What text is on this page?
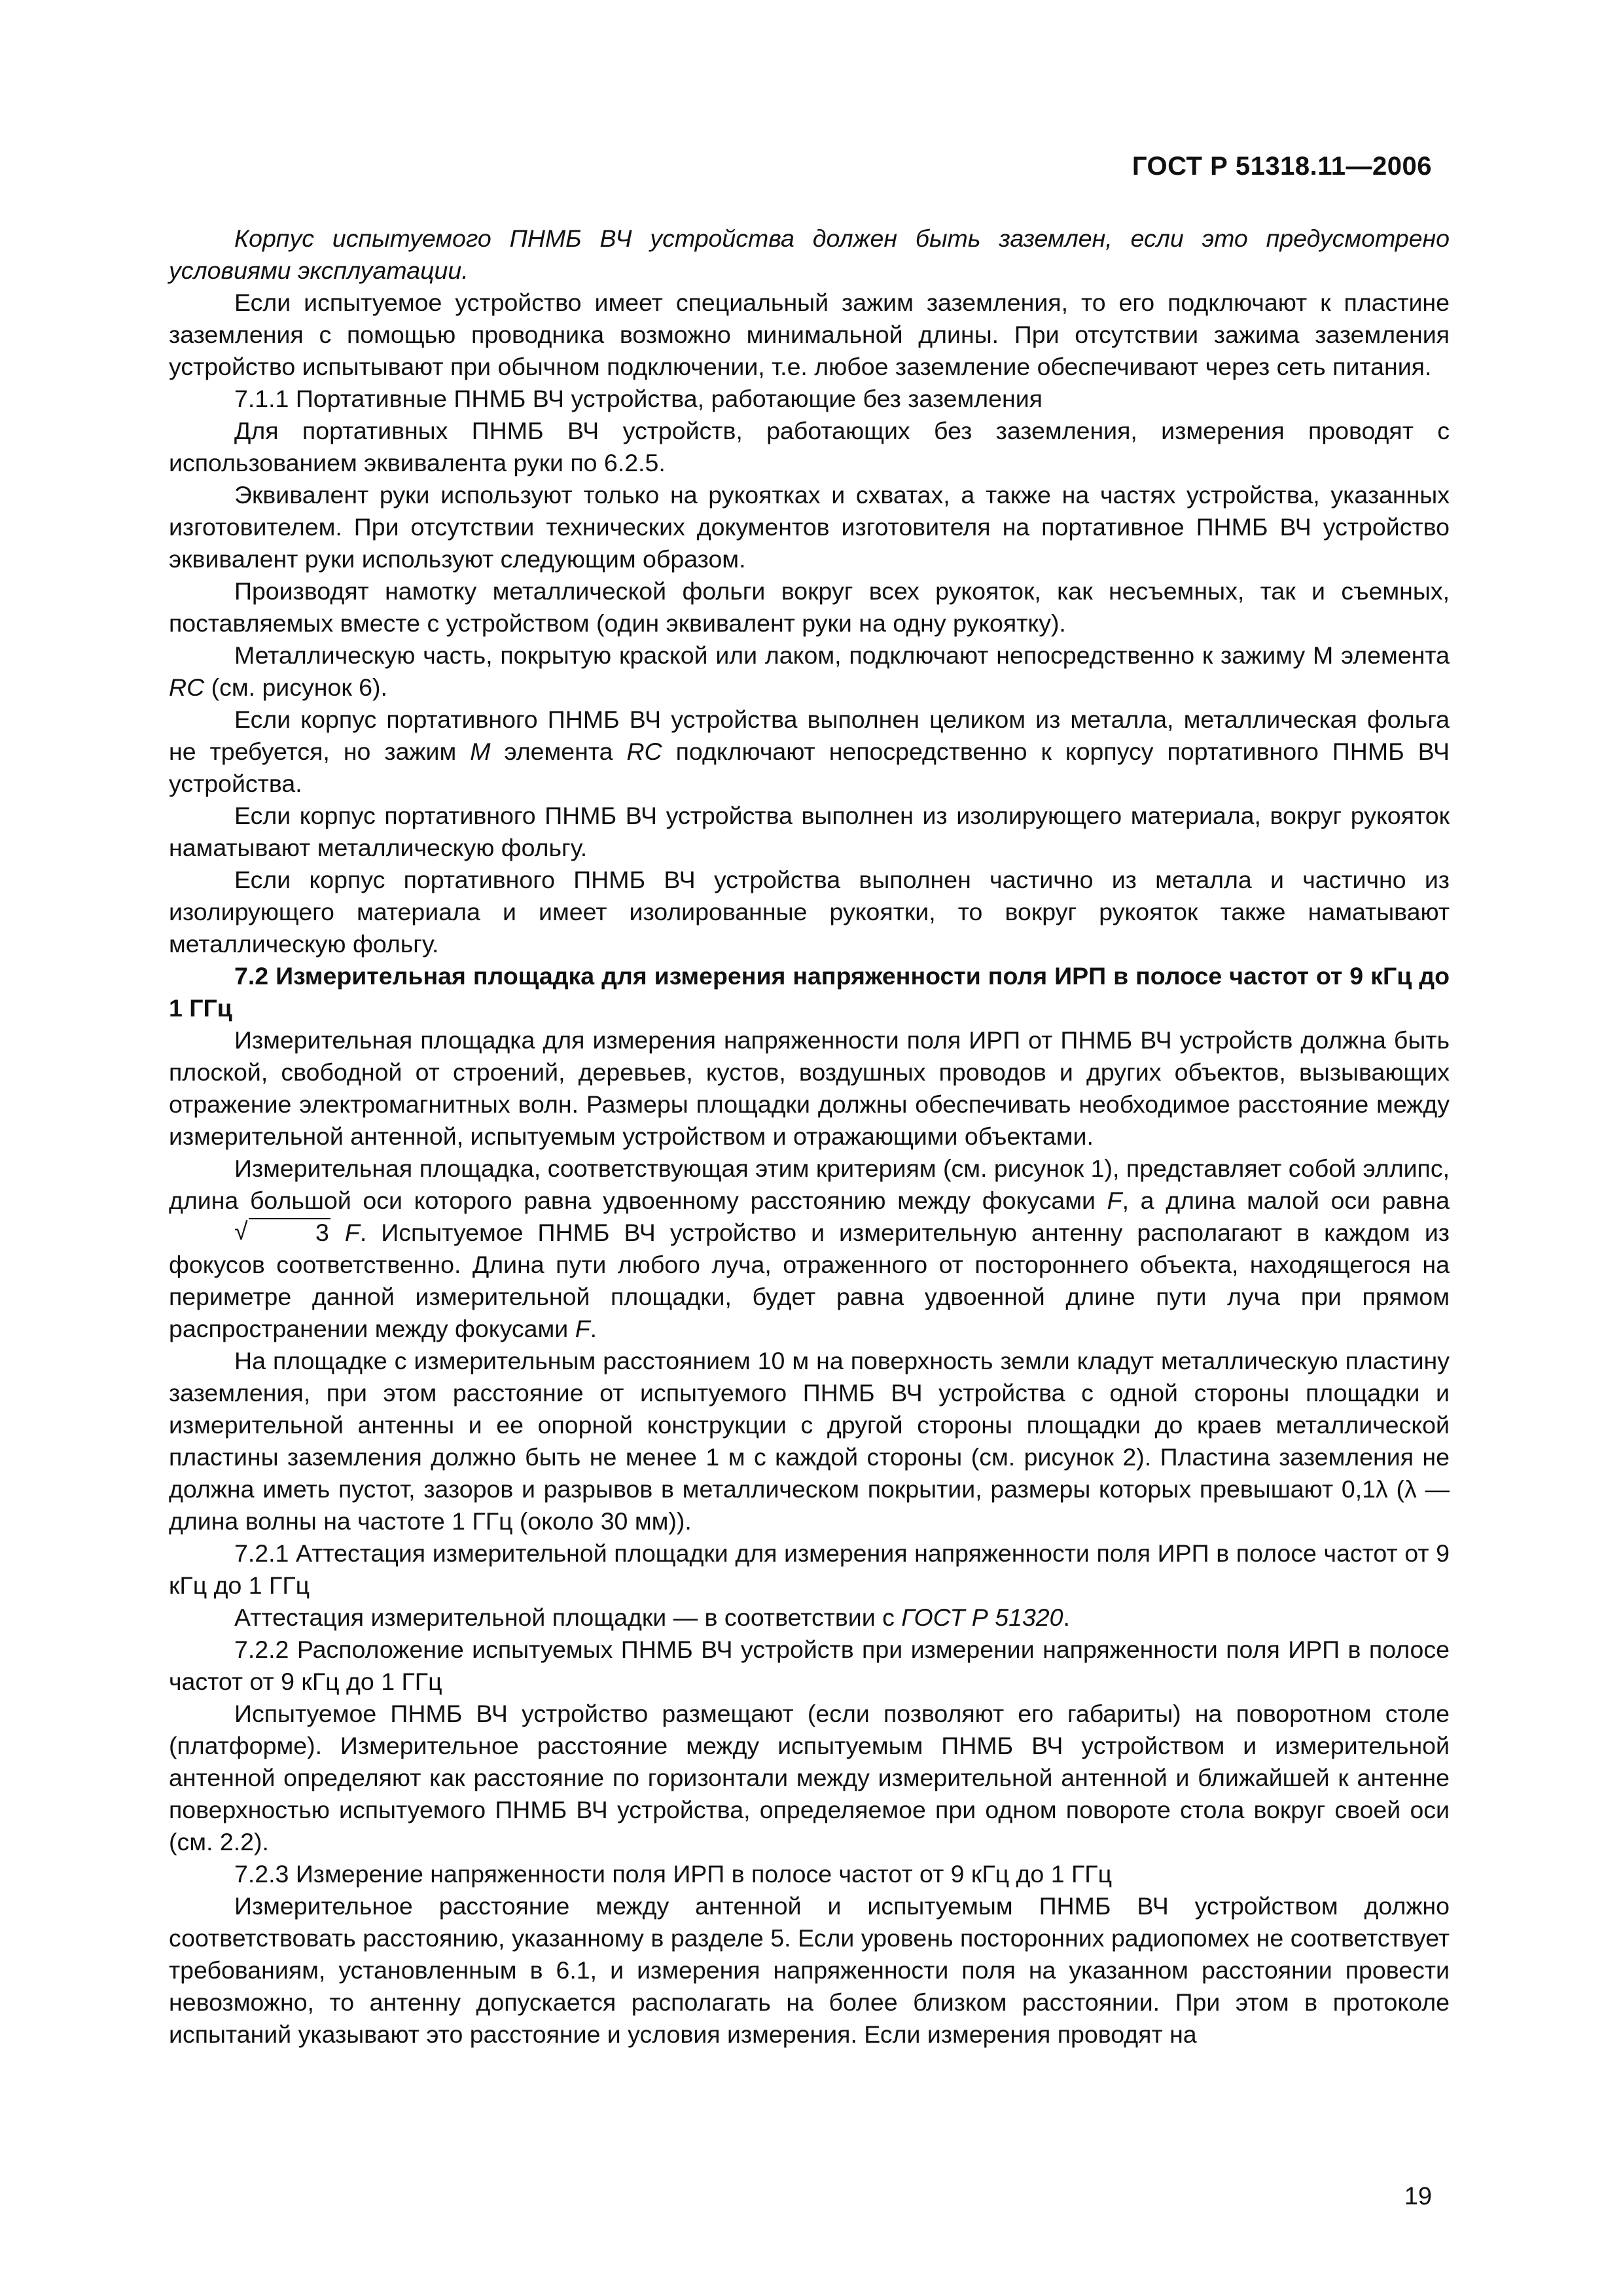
ГОСТ Р 51318.11—2006

Корпус испытуемого ПНМБ ВЧ устройства должен быть заземлен, если это предусмотрено условиями эксплуатации.

Если испытуемое устройство имеет специальный зажим заземления, то его подключают к пластине заземления с помощью проводника возможно минимальной длины. При отсутствии зажима заземления устройство испытывают при обычном подключении, т.е. любое заземление обеспечивают через сеть питания.

7.1.1 Портативные ПНМБ ВЧ устройства, работающие без заземления

Для портативных ПНМБ ВЧ устройств, работающих без заземления, измерения проводят с использованием эквивалента руки по 6.2.5.

Эквивалент руки используют только на рукоятках и схватах, а также на частях устройства, указанных изготовителем. При отсутствии технических документов изготовителя на портативное ПНМБ ВЧ устройство эквивалент руки используют следующим образом.

Производят намотку металлической фольги вокруг всех рукояток, как несъемных, так и съемных, поставляемых вместе с устройством (один эквивалент руки на одну рукоятку).

Металлическую часть, покрытую краской или лаком, подключают непосредственно к зажиму M элемента RC (см. рисунок 6).

Если корпус портативного ПНМБ ВЧ устройства выполнен целиком из металла, металлическая фольга не требуется, но зажим M элемента RC подключают непосредственно к корпусу портативного ПНМБ ВЧ устройства.

Если корпус портативного ПНМБ ВЧ устройства выполнен из изолирующего материала, вокруг рукояток наматывают металлическую фольгу.

Если корпус портативного ПНМБ ВЧ устройства выполнен частично из металла и частично из изолирующего материала и имеет изолированные рукоятки, то вокруг рукояток также наматывают металлическую фольгу.

7.2 Измерительная площадка для измерения напряженности поля ИРП в полосе частот от 9 кГц до 1 ГГц

Измерительная площадка для измерения напряженности поля ИРП от ПНМБ ВЧ устройств должна быть плоской, свободной от строений, деревьев, кустов, воздушных проводов и других объектов, вызывающих отражение электромагнитных волн. Размеры площадки должны обеспечивать необходимое расстояние между измерительной антенной, испытуемым устройством и отражающими объектами.

Измерительная площадка, соответствующая этим критериям (см. рисунок 1), представляет собой эллипс, длина большой оси которого равна удвоенному расстоянию между фокусами F, а длина малой оси равна √ 3 F. Испытуемое ПНМБ ВЧ устройство и измерительную антенну располагают в каждом из фокусов соответственно. Длина пути любого луча, отраженного от постороннего объекта, находящегося на периметре данной измерительной площадки, будет равна удвоенной длине пути луча при прямом распространении между фокусами F.

На площадке с измерительным расстоянием 10 м на поверхность земли кладут металлическую пластину заземления, при этом расстояние от испытуемого ПНМБ ВЧ устройства с одной стороны площадки и измерительной антенны и ее опорной конструкции с другой стороны площадки до краев металлической пластины заземления должно быть не менее 1 м с каждой стороны (см. рисунок 2). Пластина заземления не должна иметь пустот, зазоров и разрывов в металлическом покрытии, размеры которых превышают 0,1λ (λ — длина волны на частоте 1 ГГц (около 30 мм)).

7.2.1 Аттестация измерительной площадки для измерения напряженности поля ИРП в полосе частот от 9 кГц до 1 ГГц

Аттестация измерительной площадки — в соответствии с ГОСТ Р 51320.

7.2.2 Расположение испытуемых ПНМБ ВЧ устройств при измерении напряженности поля ИРП в полосе частот от 9 кГц до 1 ГГц

Испытуемое ПНМБ ВЧ устройство размещают (если позволяют его габариты) на поворотном столе (платформе). Измерительное расстояние между испытуемым ПНМБ ВЧ устройством и измерительной антенной определяют как расстояние по горизонтали между измерительной антенной и ближайшей к антенне поверхностью испытуемого ПНМБ ВЧ устройства, определяемое при одном повороте стола вокруг своей оси (см. 2.2).

7.2.3 Измерение напряженности поля ИРП в полосе частот от 9 кГц до 1 ГГц

Измерительное расстояние между антенной и испытуемым ПНМБ ВЧ устройством должно соответствовать расстоянию, указанному в разделе 5. Если уровень посторонних радиопомех не соответствует требованиям, установленным в 6.1, и измерения напряженности поля на указанном расстоянии провести невозможно, то антенну допускается располагать на более близком расстоянии. При этом в протоколе испытаний указывают это расстояние и условия измерения. Если измерения проводят на

19
